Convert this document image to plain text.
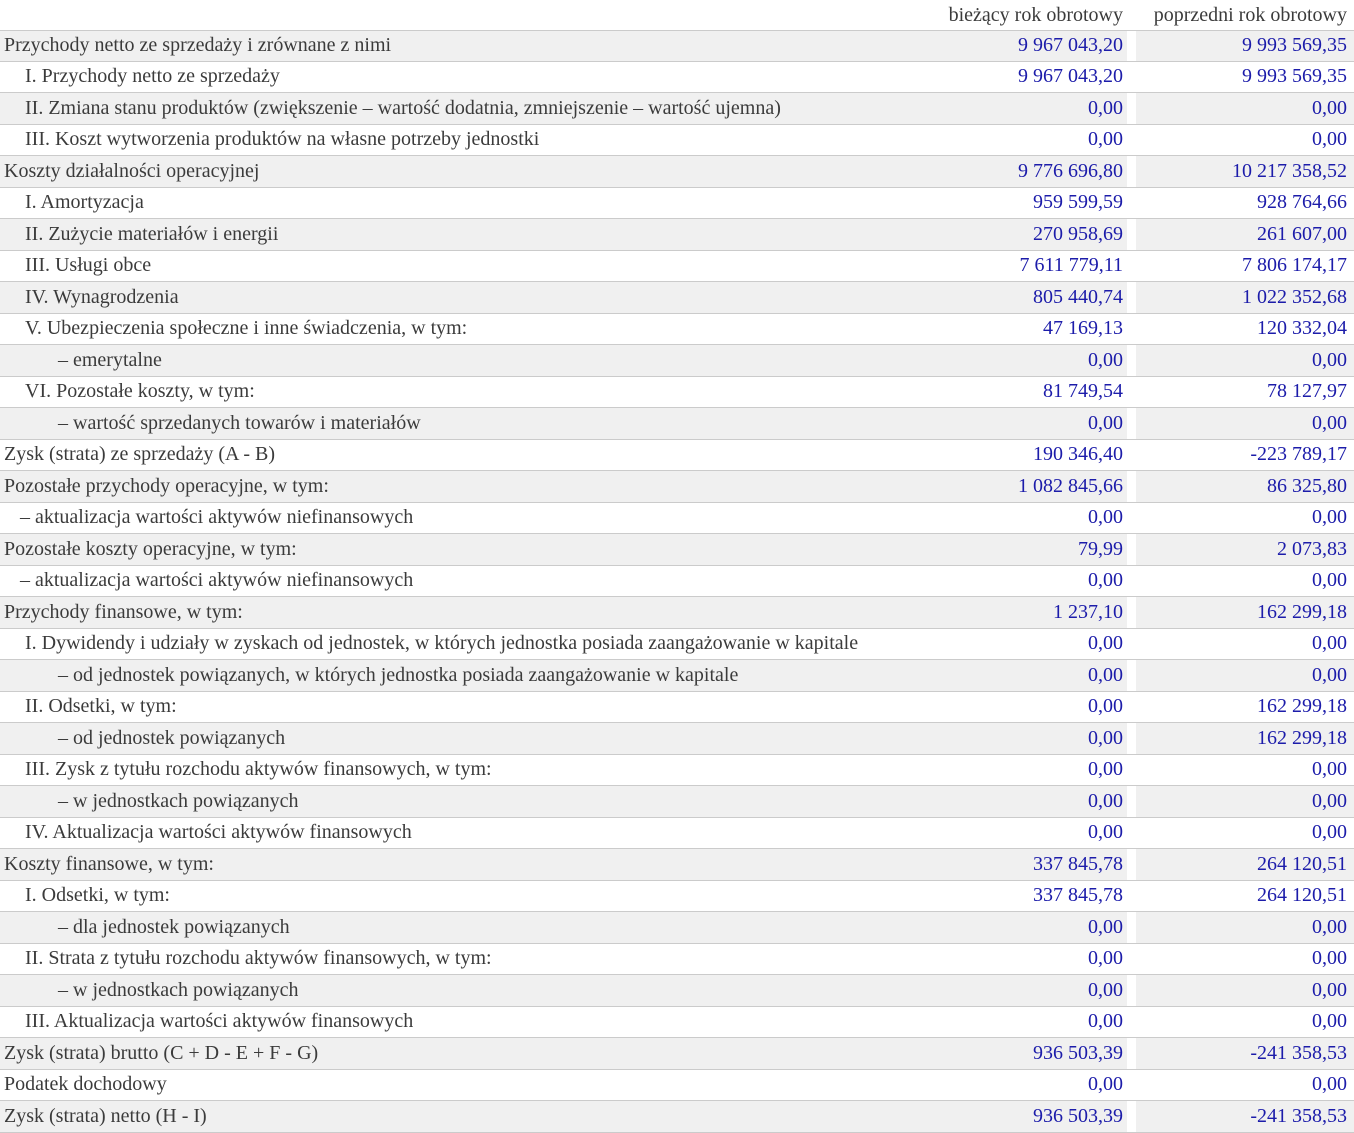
bieżący rok obrotowy	poprzedni rok obrotowy
Przychody netto ze sprzedaży i zrównane z nimi	9 967 043,20	9 993 569,35
I. Przychody netto ze sprzedaży	9 967 043,20	9 993 569,35
II. Zmiana stanu produktów (zwiększenie – wartość dodatnia, zmniejszenie – wartość ujemna)	0,00	0,00
III. Koszt wytworzenia produktów na własne potrzeby jednostki	0,00	0,00
Koszty działalności operacyjnej	9 776 696,80	10 217 358,52
I. Amortyzacja	959 599,59	928 764,66
II. Zużycie materiałów i energii	270 958,69	261 607,00
III. Usługi obce	7 611 779,11	7 806 174,17
IV. Wynagrodzenia	805 440,74	1 022 352,68
V. Ubezpieczenia społeczne i inne świadczenia, w tym:	47 169,13	120 332,04
– emerytalne	0,00	0,00
VI. Pozostałe koszty, w tym:	81 749,54	78 127,97
– wartość sprzedanych towarów i materiałów	0,00	0,00
Zysk (strata) ze sprzedaży (A - B)	190 346,40	-223 789,17
Pozostałe przychody operacyjne, w tym:	1 082 845,66	86 325,80
– aktualizacja wartości aktywów niefinansowych	0,00	0,00
Pozostałe koszty operacyjne, w tym:	79,99	2 073,83
– aktualizacja wartości aktywów niefinansowych	0,00	0,00
Przychody finansowe, w tym:	1 237,10	162 299,18
I. Dywidendy i udziały w zyskach od jednostek, w których jednostka posiada zaangażowanie w kapitale	0,00	0,00
– od jednostek powiązanych, w których jednostka posiada zaangażowanie w kapitale	0,00	0,00
II. Odsetki, w tym:	0,00	162 299,18
– od jednostek powiązanych	0,00	162 299,18
III. Zysk z tytułu rozchodu aktywów finansowych, w tym:	0,00	0,00
– w jednostkach powiązanych	0,00	0,00
IV. Aktualizacja wartości aktywów finansowych	0,00	0,00
Koszty finansowe, w tym:	337 845,78	264 120,51
I. Odsetki, w tym:	337 845,78	264 120,51
– dla jednostek powiązanych	0,00	0,00
II. Strata z tytułu rozchodu aktywów finansowych, w tym:	0,00	0,00
– w jednostkach powiązanych	0,00	0,00
III. Aktualizacja wartości aktywów finansowych	0,00	0,00
Zysk (strata) brutto (C + D - E + F - G)	936 503,39	-241 358,53
Podatek dochodowy	0,00	0,00
Zysk (strata) netto (H - I)	936 503,39	-241 358,53
